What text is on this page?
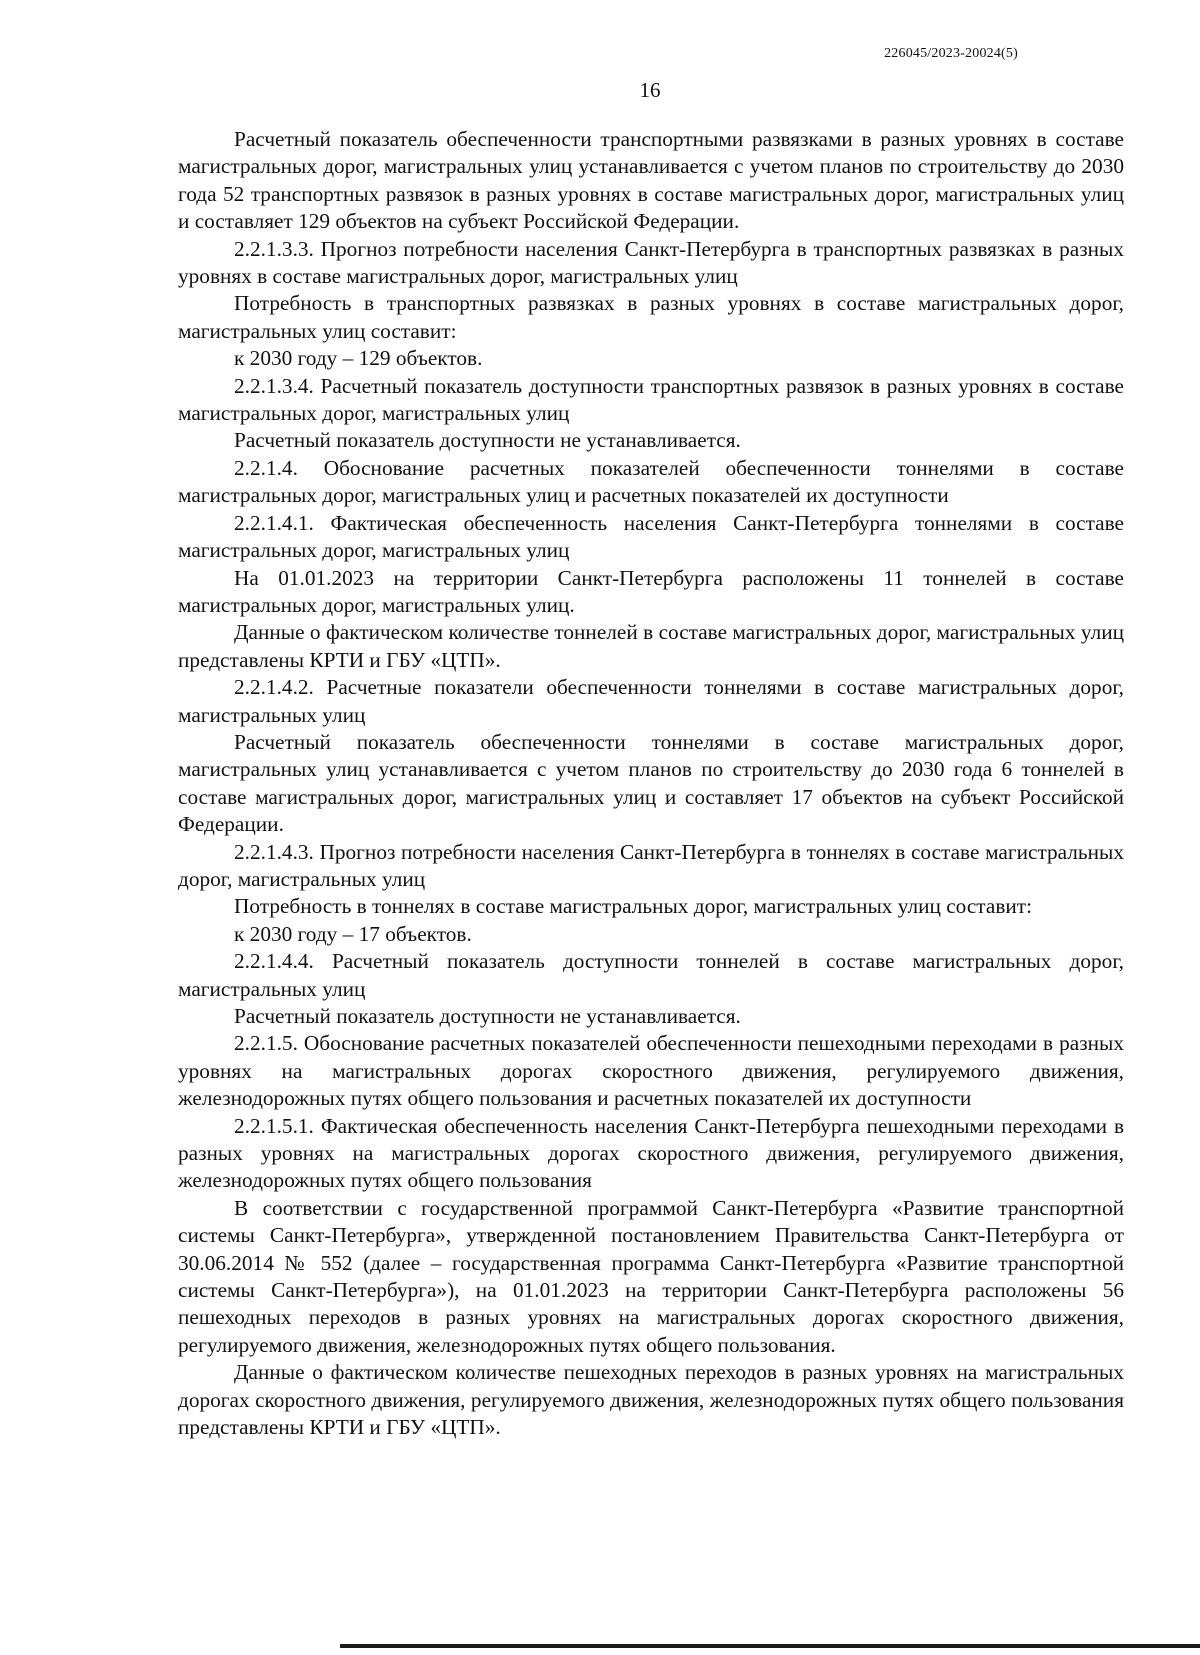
226045/2023-20024(5)
16

Расчетный показатель обеспеченности транспортными развязками в разных уровнях в составе магистральных дорог, магистральных улиц устанавливается с учетом планов по строительству до 2030 года 52 транспортных развязок в разных уровнях в составе магистральных дорог, магистральных улиц и составляет 129 объектов на субъект Российской Федерации.

2.2.1.3.3. Прогноз потребности населения Санкт-Петербурга в транспортных развязках в разных уровнях в составе магистральных дорог, магистральных улиц

Потребность в транспортных развязках в разных уровнях в составе магистральных дорог, магистральных улиц составит:

к 2030 году – 129 объектов.

2.2.1.3.4. Расчетный показатель доступности транспортных развязок в разных уровнях в составе магистральных дорог, магистральных улиц

Расчетный показатель доступности не устанавливается.

2.2.1.4. Обоснование расчетных показателей обеспеченности тоннелями в составе магистральных дорог, магистральных улиц и расчетных показателей их доступности

2.2.1.4.1. Фактическая обеспеченность населения Санкт-Петербурга тоннелями в составе магистральных дорог, магистральных улиц

На 01.01.2023 на территории Санкт-Петербурга расположены 11 тоннелей в составе магистральных дорог, магистральных улиц.

Данные о фактическом количестве тоннелей в составе магистральных дорог, магистральных улиц представлены КРТИ и ГБУ «ЦТП».

2.2.1.4.2. Расчетные показатели обеспеченности тоннелями в составе магистральных дорог, магистральных улиц

Расчетный показатель обеспеченности тоннелями в составе магистральных дорог, магистральных улиц устанавливается с учетом планов по строительству до 2030 года 6 тоннелей в составе магистральных дорог, магистральных улиц и составляет 17 объектов на субъект Российской Федерации.

2.2.1.4.3. Прогноз потребности населения Санкт-Петербурга в тоннелях в составе магистральных дорог, магистральных улиц

Потребность в тоннелях в составе магистральных дорог, магистральных улиц составит:

к 2030 году – 17 объектов.

2.2.1.4.4. Расчетный показатель доступности тоннелей в составе магистральных дорог, магистральных улиц

Расчетный показатель доступности не устанавливается.

2.2.1.5. Обоснование расчетных показателей обеспеченности пешеходными переходами в разных уровнях на магистральных дорогах скоростного движения, регулируемого движения, железнодорожных путях общего пользования и расчетных показателей их доступности

2.2.1.5.1. Фактическая обеспеченность населения Санкт-Петербурга пешеходными переходами в разных уровнях на магистральных дорогах скоростного движения, регулируемого движения, железнодорожных путях общего пользования

В соответствии с государственной программой Санкт-Петербурга «Развитие транспортной системы Санкт-Петербурга», утвержденной постановлением Правительства Санкт-Петербурга от 30.06.2014 № 552 (далее – государственная программа Санкт-Петербурга «Развитие транспортной системы Санкт-Петербурга»), на 01.01.2023 на территории Санкт-Петербурга расположены 56 пешеходных переходов в разных уровнях на магистральных дорогах скоростного движения, регулируемого движения, железнодорожных путях общего пользования.

Данные о фактическом количестве пешеходных переходов в разных уровнях на магистральных дорогах скоростного движения, регулируемого движения, железнодорожных путях общего пользования представлены КРТИ и ГБУ «ЦТП».
